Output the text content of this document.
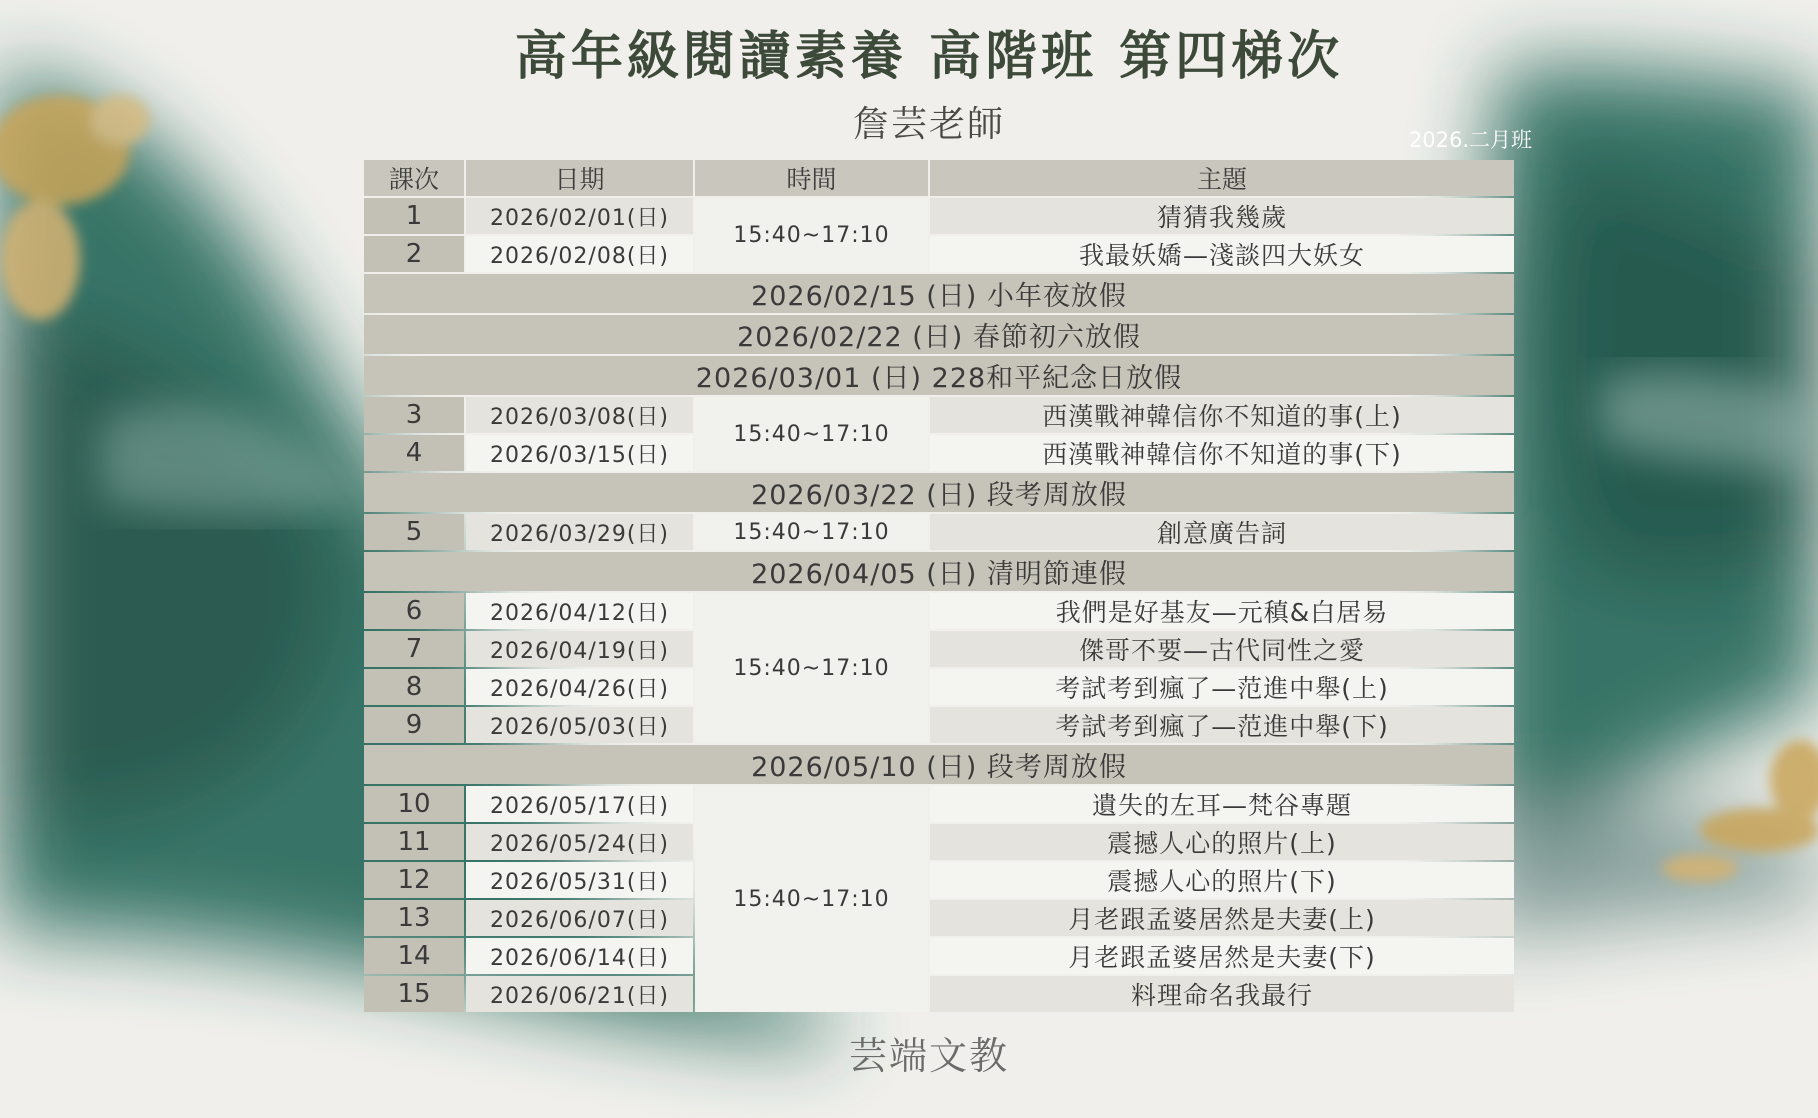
高年級閱讀素養 高階班 第四梯次
詹芸老師	2026.二月班
課次	日期	時間	主題
1	2026/02/01(日)	15:40~17:10	猜猜我幾歲
2	2026/02/08(日)		我最妖嬌—淺談四大妖女
2026/02/15 (日) 小年夜放假			
2026/02/22 (日) 春節初六放假			
2026/03/01 (日) 228和平紀念日放假			
3	2026/03/08(日)	15:40~17:10	西漢戰神韓信你不知道的事(上)
4	2026/03/15(日)		西漢戰神韓信你不知道的事(下)
2026/03/22 (日) 段考周放假			
5	2026/03/29(日)	15:40~17:10	創意廣告詞
2026/04/05 (日) 清明節連假			
6	2026/04/12(日)	15:40~17:10	我們是好基友—元稹&白居易
7	2026/04/19(日)		傑哥不要—古代同性之愛
8	2026/04/26(日)		考試考到瘋了—范進中舉(上)
9	2026/05/03(日)		考試考到瘋了—范進中舉(下)
2026/05/10 (日) 段考周放假			
10	2026/05/17(日)	15:40~17:10	遺失的左耳—梵谷專題
11	2026/05/24(日)		震撼人心的照片(上)
12	2026/05/31(日)		震撼人心的照片(下)
13	2026/06/07(日)		月老跟孟婆居然是夫妻(上)
14	2026/06/14(日)		月老跟孟婆居然是夫妻(下)
15	2026/06/21(日)		料理命名我最行
芸端文教
